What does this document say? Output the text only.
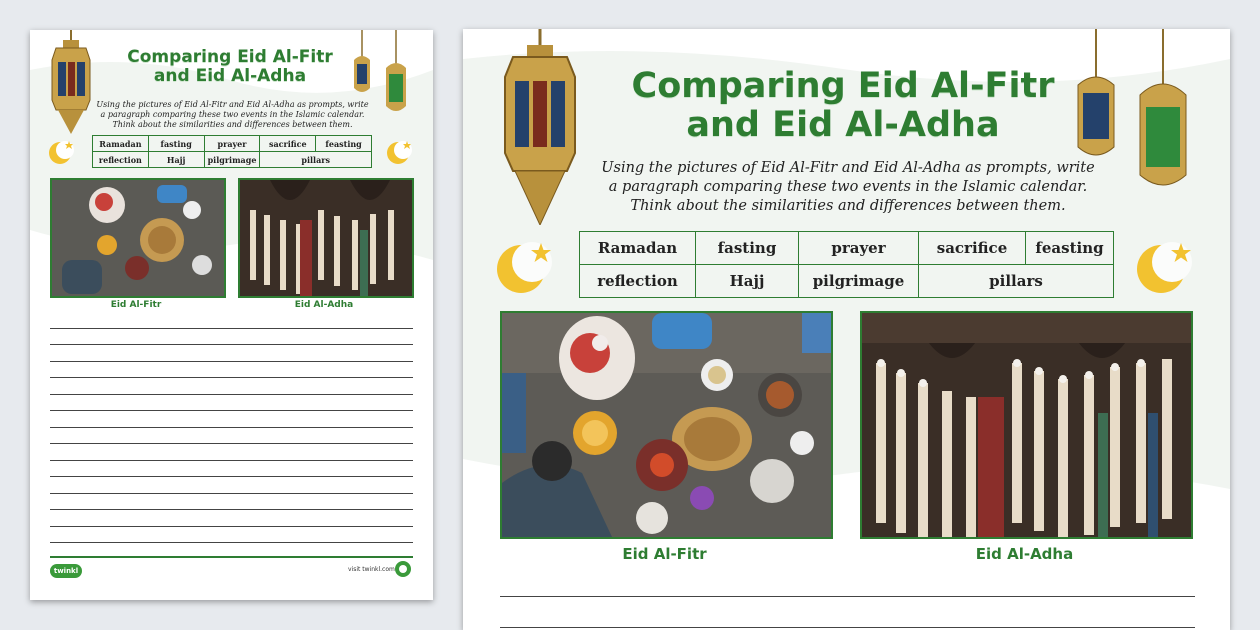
Comparing Eid Al-Fitr
and Eid Al-Adha
Using the pictures of Eid Al-Fitr and Eid Al-Adha as prompts, write
a paragraph comparing these two events in the Islamic calendar.
Think about the similarities and differences between them.
Ramadan	fasting	prayer	sacrifice	feasting
reflection	Hajj	pilgrimage	pillars	
Eid Al-Fitr	Eid Al-Adha
twinkl	visit twinkl.com
Comparing Eid Al-Fitr
and Eid Al-Adha
Using the pictures of Eid Al-Fitr and Eid Al-Adha as prompts, write
a paragraph comparing these two events in the Islamic calendar.
Think about the similarities and differences between them.
Ramadan	fasting	prayer	sacrifice	feasting
reflection	Hajj	pilgrimage	pillars	
Eid Al-Fitr	Eid Al-Adha
